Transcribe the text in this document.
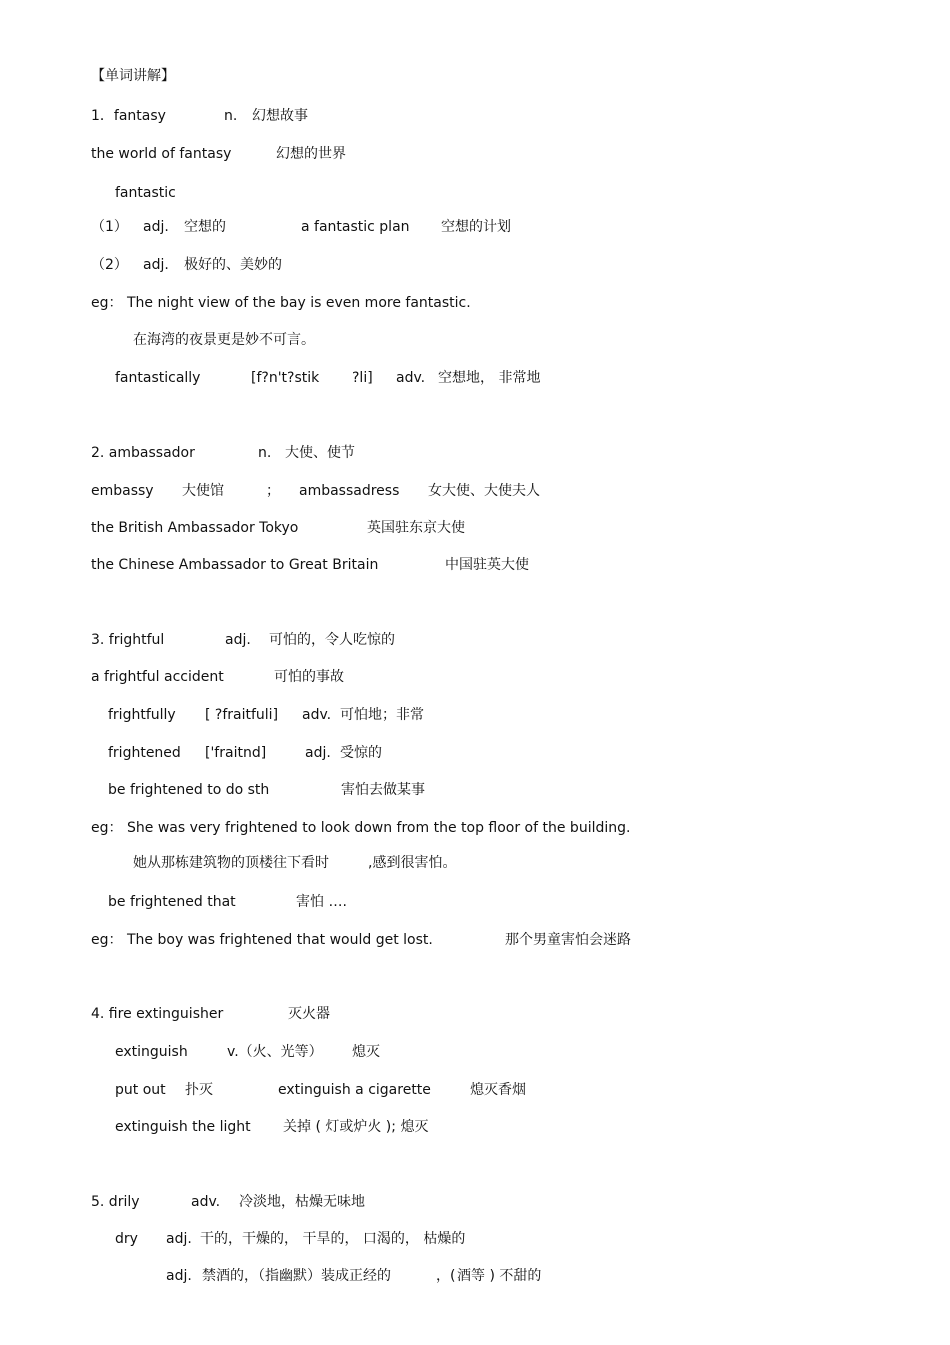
【单词讲解】
1．fantasy	n. 幻想故事
the world of fantasy	幻想的世界
fantastic
（1） adj. 空想的	a fantastic plan 空想的计划
（2） adj. 极好的、美妙的
eg： The night view of the bay is even more fantastic.
在海湾的夜景更是妙不可言。
fantastically	[f?n't?stik ?li] adv. 空想地， 非常地
2. ambassador	n. 大使、使节
embassy 大使馆	； ambassadress 女大使、大使夫人
the British Ambassador Tokyo	英国驻东京大使
the Chinese Ambassador to Great Britain	中国驻英大使
3. frightful	adj. 可怕的，令人吃惊的
a frightful accident	可怕的事故
frightfully [ ?fraitfuli] adv. 可怕地；非常
frightened ['fraitnd]	adj. 受惊的
be frightened to do sth	害怕去做某事
eg： She was very frightened to look down from the top floor of the building.
她从那栋建筑物的顶楼往下看时	,感到很害怕。
be frightened that	害怕 ….
eg： The boy was frightened that would get lost.	那个男童害怕会迷路
4. fire extinguisher	灭火器
extinguish	v.（火、光等） 熄灭
put out 扑灭	extinguish a cigarette	熄灭香烟
extinguish the light 关掉 ( 灯或炉火 ); 熄灭
5. drily	adv. 冷淡地，枯燥无味地
dry adj. 干的，干燥的， 干旱的， 口渴的， 枯燥的
adj. 禁酒的，（指幽默）装成正经的	，( 酒等 ) 不甜的
